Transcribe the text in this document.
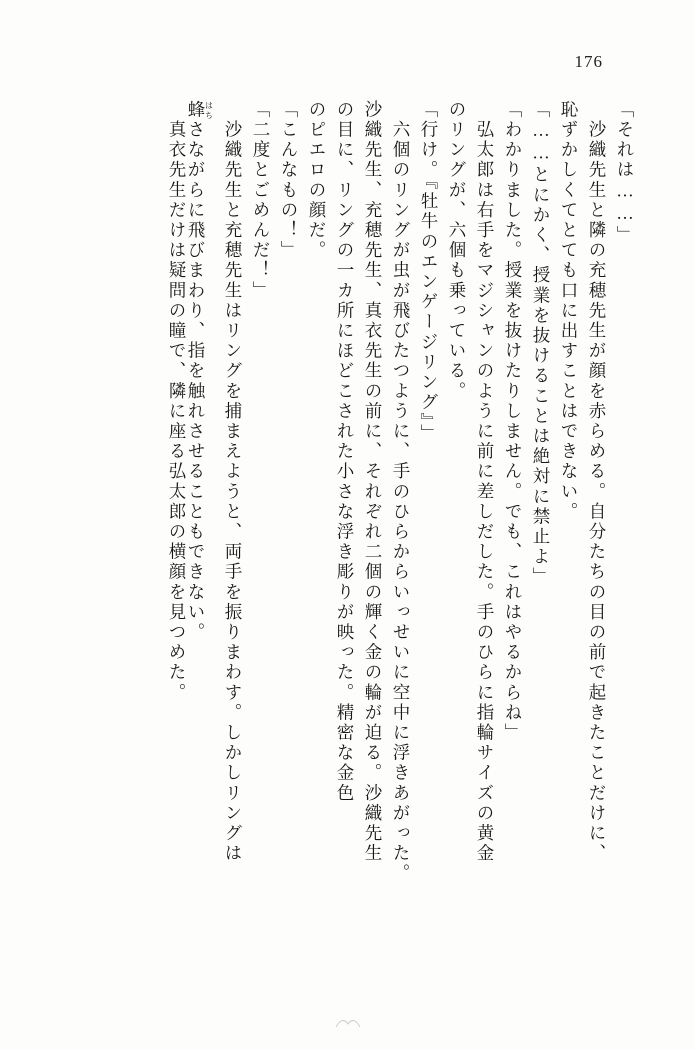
176
「それは……」
　沙織先生と隣の充穂先生が顔を赤らめる。自分たちの目の前で起きたことだけに、
恥ずかしくてとても口に出すことはできない。
「……とにかく、授業を抜けることは絶対に禁止よ」
「わかりました。授業を抜けたりしません。でも、これはやるからね」
　弘太郎は右手をマジシャンのように前に差しだした。手のひらに指輪サイズの黄金
のリングが、六個も乗っている。
「行け。『牡牛のエンゲージリング』」
　六個のリングが虫が飛びたつように、手のひらからいっせいに空中に浮きあがった。
沙織先生、充穂先生、真衣先生の前に、それぞれ二個の輝く金の輪が迫る。沙織先生
の目に、リングの一カ所にほどこされた小さな浮き彫りが映った。精密な金色
のピエロの顔だ。
「こんなもの！」
「二度とごめんだ！」
　沙織先生と充穂先生はリングを捕まえようと、両手を振りまわす。しかしリングは
蜂はちさながらに飛びまわり、指を触れさせることもできない。
　真衣先生だけは疑問の瞳で、隣に座る弘太郎の横顔を見つめた。
